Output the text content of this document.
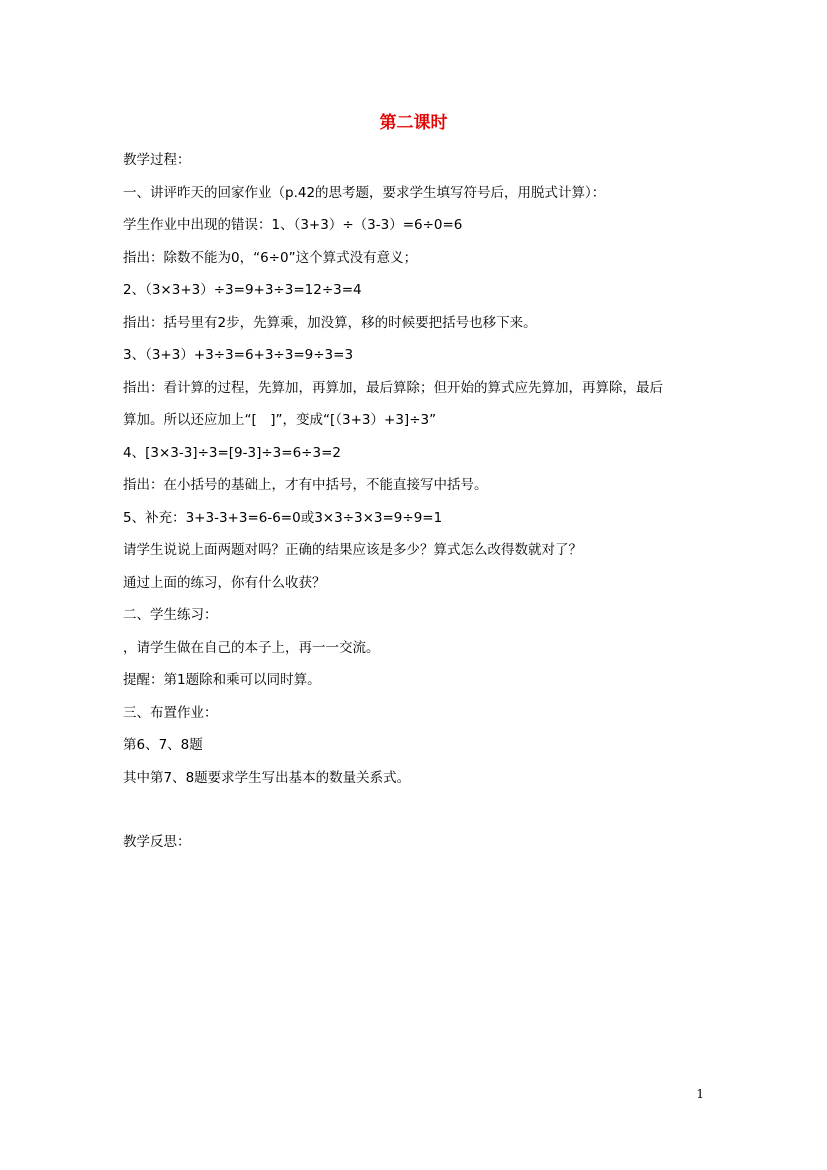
第二课时
教学过程：
一、讲评昨天的回家作业（p.42的思考题，要求学生填写符号后，用脱式计算）：
学生作业中出现的错误：1、（3+3）÷（3-3）=6÷0=6
指出：除数不能为0，“6÷0”这个算式没有意义；
2、（3×3+3）÷3=9+3÷3=12÷3=4
指出：括号里有2步，先算乘，加没算，移的时候要把括号也移下来。
3、（3+3）+3÷3=6+3÷3=9÷3=3
指出：看计算的过程，先算加，再算加，最后算除；但开始的算式应先算加，再算除，最后
算加。所以还应加上“[　]”，变成“[（3+3）+3]÷3”
4、[3×3-3]÷3=[9-3]÷3=6÷3=2
指出：在小括号的基础上，才有中括号，不能直接写中括号。
5、补充：3+3-3+3=6-6=0或3×3÷3×3=9÷9=1
请学生说说上面两题对吗？正确的结果应该是多少？算式怎么改得数就对了？
通过上面的练习，你有什么收获？
二、学生练习：
，请学生做在自己的本子上，再一一交流。
提醒：第1题除和乘可以同时算。
三、布置作业：
第6、7、8题
其中第7、8题要求学生写出基本的数量关系式。
教学反思：
1
